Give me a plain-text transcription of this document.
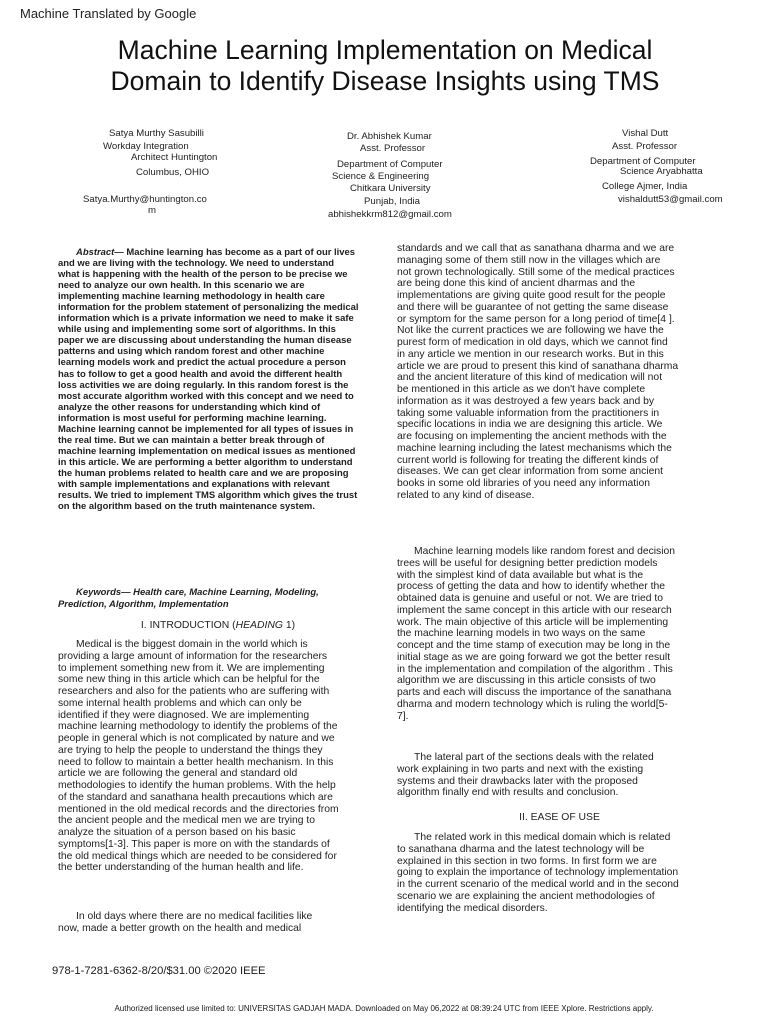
Machine Translated by Google
Machine Learning Implementation on Medical
Domain to Identify Disease Insights using TMS
Satya Murthy Sasubilli
Workday Integration
Architect Huntington
Columbus, OHIO
Satya.Murthy@huntington.co
m
Dr. Abhishek Kumar
Asst. Professor
Department of Computer
Science & Engineering
Chitkara University
Punjab, India
abhishekkrm812@gmail.com
Vishal Dutt
Asst. Professor
Department of Computer
Science Aryabhatta
College Ajmer, India
vishaldutt53@gmail.com
Abstract— Machine learning has become as a part of our lives
and we are living with the technology. We need to understand
what is happening with the health of the person to be precise we
need to analyze our own health. In this scenario we are
implementing machine learning methodology in health care
information for the problem statement of personalizing the medical
information which is a private information we need to make it safe
while using and implementing some sort of algorithms. In this
paper we are discussing about understanding the human disease
patterns and using which random forest and other machine
learning models work and predict the actual procedure a person
has to follow to get a good health and avoid the different health
loss activities we are doing regularly. In this random forest is the
most accurate algorithm worked with this concept and we need to
analyze the other reasons for understanding which kind of
information is most useful for performing machine learning.
Machine learning cannot be implemented for all types of issues in
the real time. But we can maintain a better break through of
machine learning implementation on medical issues as mentioned
in this article. We are performing a better algorithm to understand
the human problems related to health care and we are proposing
with sample implementations and explanations with relevant
results. We tried to implement TMS algorithm which gives the trust
on the algorithm based on the truth maintenance system.
Keywords— Health care, Machine Learning, Modeling,
Prediction, Algorithm, Implementation
I. INTRODUCTION (HEADING 1)
Medical is the biggest domain in the world which is
providing a large amount of information for the researchers
to implement something new from it. We are implementing
some new thing in this article which can be helpful for the
researchers and also for the patients who are suffering with
some internal health problems and which can only be
identified if they were diagnosed. We are implementing
machine learning methodology to identify the problems of the
people in general which is not complicated by nature and we
are trying to help the people to understand the things they
need to follow to maintain a better health mechanism. In this
article we are following the general and standard old
methodologies to identify the human problems. With the help
of the standard and sanathana health precautions which are
mentioned in the old medical records and the directories from
the ancient people and the medical men we are trying to
analyze the situation of a person based on his basic
symptoms[1-3]. This paper is more on with the standards of
the old medical things which are needed to be considered for
the better understanding of the human health and life.
In old days where there are no medical facilities like
now, made a better growth on the health and medical
standards and we call that as sanathana dharma and we are
managing some of them still now in the villages which are
not grown technologically. Still some of the medical practices
are being done this kind of ancient dharmas and the
implementations are giving quite good result for the people
and there will be guarantee of not getting the same disease
or symptom for the same person for a long period of time[4 ].
Not like the current practices we are following we have the
purest form of medication in old days, which we cannot find
in any article we mention in our research works. But in this
article we are proud to present this kind of sanathana dharma
and the ancient literature of this kind of medication will not
be mentioned in this article as we don't have complete
information as it was destroyed a few years back and by
taking some valuable information from the practitioners in
specific locations in india we are designing this article. We
are focusing on implementing the ancient methods with the
machine learning including the latest mechanisms which the
current world is following for treating the different kinds of
diseases. We can get clear information from some ancient
books in some old libraries of you need any information
related to any kind of disease.
Machine learning models like random forest and decision
trees will be useful for designing better prediction models
with the simplest kind of data available but what is the
process of getting the data and how to identify whether the
obtained data is genuine and useful or not. We are tried to
implement the same concept in this article with our research
work. The main objective of this article will be implementing
the machine learning models in two ways on the same
concept and the time stamp of execution may be long in the
initial stage as we are going forward we got the better result
in the implementation and compilation of the algorithm . This
algorithm we are discussing in this article consists of two
parts and each will discuss the importance of the sanathana
dharma and modern technology which is ruling the world[5-
7].
The lateral part of the sections deals with the related
work explaining in two parts and next with the existing
systems and their drawbacks later with the proposed
algorithm finally end with results and conclusion.
II. EASE OF USE
The related work in this medical domain which is related
to sanathana dharma and the latest technology will be
explained in this section in two forms. In first form we are
going to explain the importance of technology implementation
in the current scenario of the medical world and in the second
scenario we are explaining the ancient methodologies of
identifying the medical disorders.
978-1-7281-6362-8/20/$31.00 ©2020 IEEE
Authorized licensed use limited to: UNIVERSITAS GADJAH MADA. Downloaded on May 06,2022 at 08:39:24 UTC from IEEE Xplore. Restrictions apply.
